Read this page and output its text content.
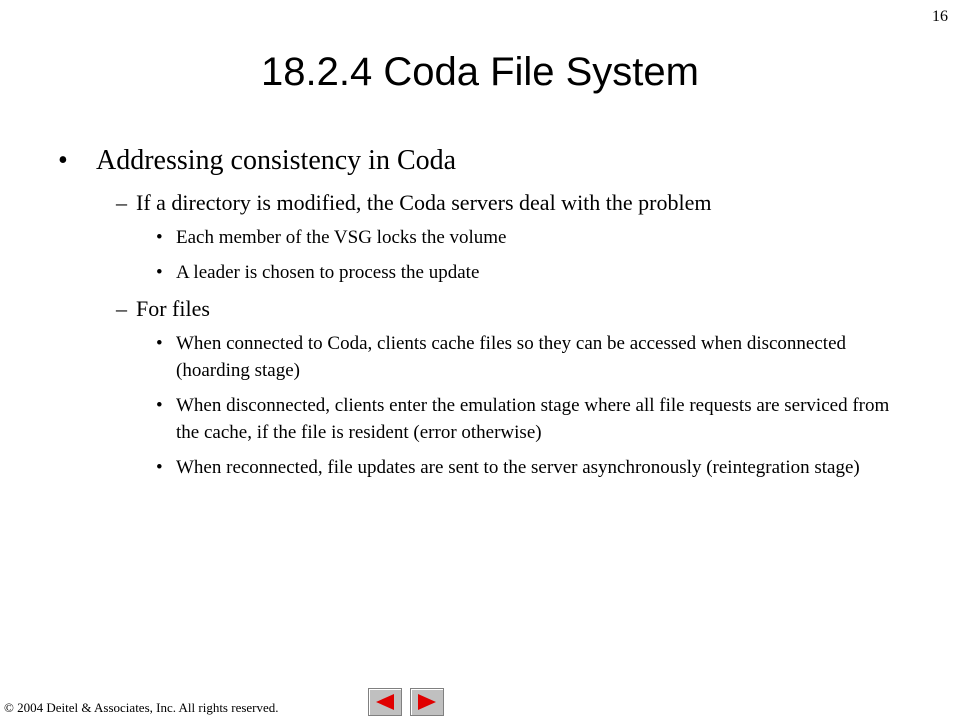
16
18.2.4 Coda File System
•	Addressing consistency in Coda
– If a directory is modified, the Coda servers deal with the problem
• Each member of the VSG locks the volume
• A leader is chosen to process the update
– For files
• When connected to Coda, clients cache files so they can be accessed when disconnected (hoarding stage)
• When disconnected, clients enter the emulation stage where all file requests are serviced from the cache, if the file is resident (error otherwise)
• When reconnected, file updates are sent to the server asynchronously (reintegration stage)
© 2004 Deitel & Associates, Inc. All rights reserved.
